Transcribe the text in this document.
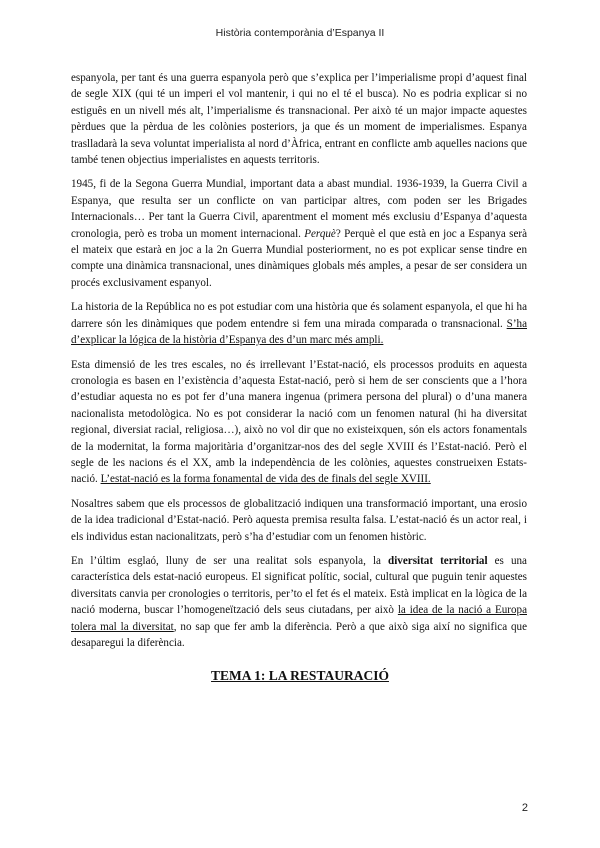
Història contemporània d’Espanya II

espanyola, per tant és una guerra espanyola però que s’explica per l’imperialisme propi d’aquest final de segle XIX (qui té un imperi el vol mantenir, i qui no el té el busca). No es podria explicar si no estiguês en un nivell més alt, l’imperialisme és transnacional. Per això té un major impacte aquestes pèrdues que la pèrdua de les colònies posteriors, ja que és un moment de imperialismes. Espanya traslladarà la seva voluntat imperialista al nord d’Àfrica, entrant en conflicte amb aquelles nacions que també tenen objectius imperialistes en aquests territoris.

1945, fi de la Segona Guerra Mundial, important data a abast mundial. 1936-1939, la Guerra Civil a Espanya, que resulta ser un conflicte on van participar altres, com poden ser les Brigades Internacionals… Per tant la Guerra Civil, aparentment el moment més exclusiu d’Espanya d’aquesta cronologia, però es troba un moment internacional. Perquè? Perquè el que està en joc a Espanya serà el mateix que estarà en joc a la 2n Guerra Mundial posteriorment, no es pot explicar sense tindre en compte una dinàmica transnacional, unes dinàmiques globals més amples, a pesar de ser considera un procés exclusivament espanyol.

La historia de la República no es pot estudiar com una història que és solament espanyola, el que hi ha darrere són les dinàmiques que podem entendre si fem una mirada comparada o transnacional. S’ha d’explicar la lógica de la història d’Espanya des d’un marc més ampli.

Esta dimensió de les tres escales, no és irrellevant l’Estat-nació, els processos produits en aquesta cronologia es basen en l’existència d’aquesta Estat-nació, però si hem de ser conscients que a l’hora d’estudiar aquesta no es pot fer d’una manera ingenua (primera persona del plural) o d’una manera nacionalista metodològica. No es pot considerar la nació com un fenomen natural (hi ha diversitat regional, diversiat racial, religiosa…), això no vol dir que no existeixquen, són els actors fonamentals de la modernitat, la forma majoritària d’organitzar-nos des del segle XVIII és l’Estat-nació. Però el segle de les nacions és el XX, amb la independència de les colònies, aquestes construeixen Estats-nació. L’estat-nació es la forma fonamental de vida des de finals del segle XVIII.

Nosaltres sabem que els processos de globalització indiquen una transformació important, una erosio de la idea tradicional d’Estat-nació. Però aquesta premisa resulta falsa. L’estat-nació és un actor real, i els individus estan nacionalitzats, però s’ha d’estudiar com un fenomen històric.

En l’últim esglaó, lluny de ser una realitat sols espanyola, la diversitat territorial es una característica dels estat-nació europeus. El significat polític, social, cultural que puguin tenir aquestes diversitats canvia per cronologies o territoris, per’to el fet és el mateix. Està implicat en la lògica de la nació moderna, buscar l’homogeneïtzació dels seus ciutadans, per això la idea de la nació a Europa tolera mal la diversitat, no sap que fer amb la diferència. Però a que això siga així no significa que desaparegui la diferència.

TEMA 1: LA RESTAURACIÓ
2
